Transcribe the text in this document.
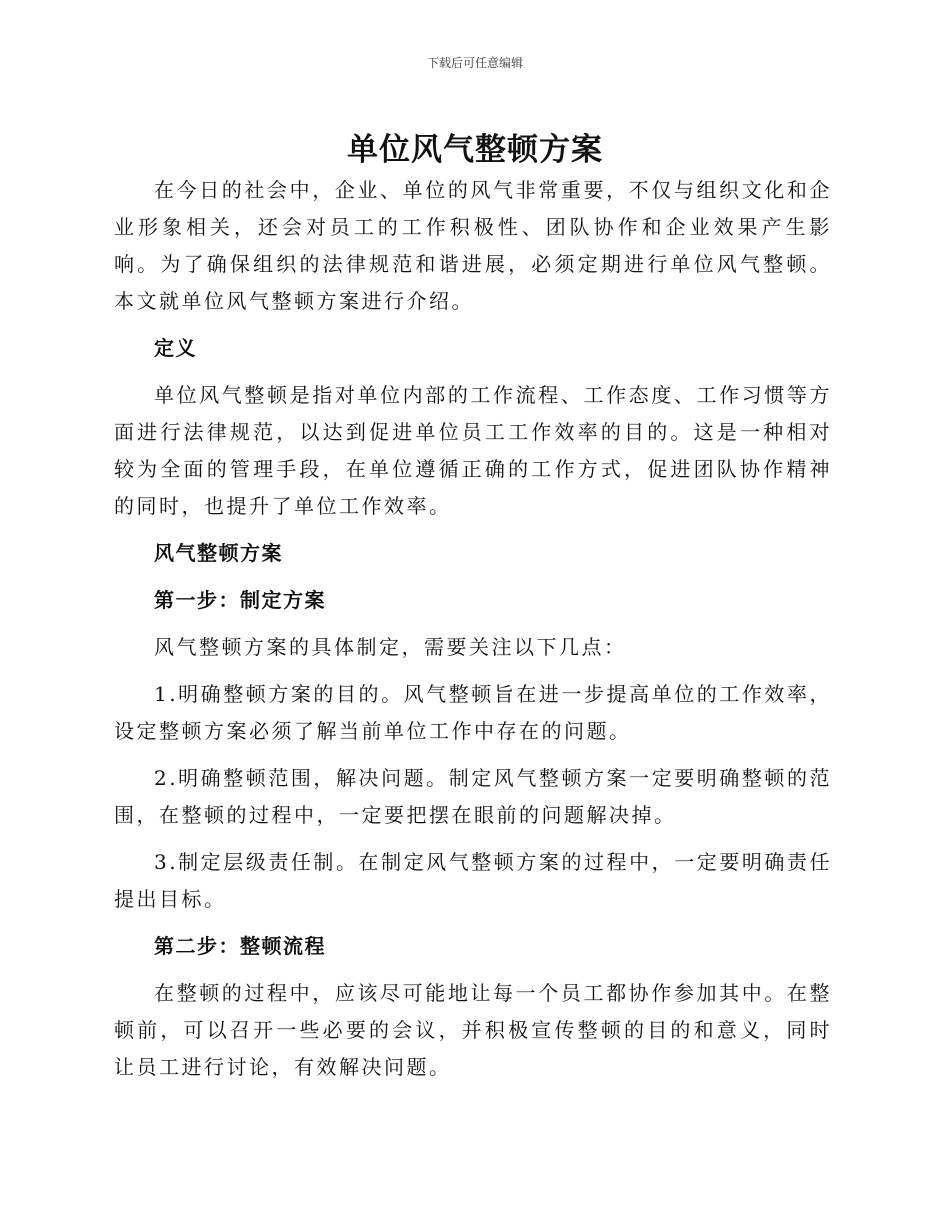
下载后可任意编辑
单位风气整顿方案

在今日的社会中，企业、单位的风气非常重要，不仅与组织文化和企业形象相关，还会对员工的工作积极性、团队协作和企业效果产生影响。为了确保组织的法律规范和谐进展，必须定期进行单位风气整顿。本文就单位风气整顿方案进行介绍。

定义

单位风气整顿是指对单位内部的工作流程、工作态度、工作习惯等方面进行法律规范，以达到促进单位员工工作效率的目的。这是一种相对较为全面的管理手段，在单位遵循正确的工作方式，促进团队协作精神的同时，也提升了单位工作效率。

风气整顿方案

第一步：制定方案

风气整顿方案的具体制定，需要关注以下几点：

1.明确整顿方案的目的。风气整顿旨在进一步提高单位的工作效率，设定整顿方案必须了解当前单位工作中存在的问题。

2.明确整顿范围，解决问题。制定风气整顿方案一定要明确整顿的范围，在整顿的过程中，一定要把摆在眼前的问题解决掉。

3.制定层级责任制。在制定风气整顿方案的过程中，一定要明确责任提出目标。

第二步：整顿流程

在整顿的过程中，应该尽可能地让每一个员工都协作参加其中。在整顿前，可以召开一些必要的会议，并积极宣传整顿的目的和意义，同时让员工进行讨论，有效解决问题。
